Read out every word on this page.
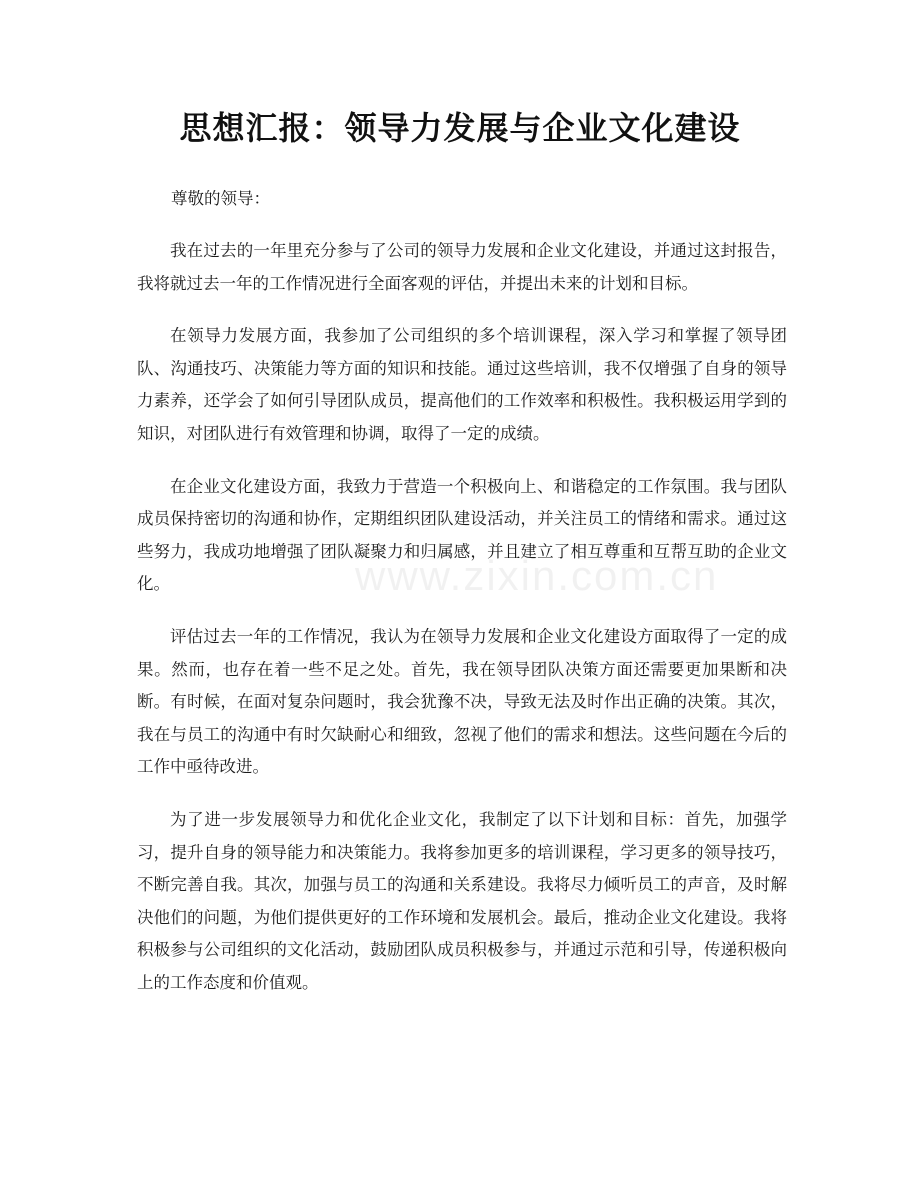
思想汇报：领导力发展与企业文化建设
www.zixin.com.cn

尊敬的领导：

我在过去的一年里充分参与了公司的领导力发展和企业文化建设，并通过这封报告，我将就过去一年的工作情况进行全面客观的评估，并提出未来的计划和目标。

在领导力发展方面，我参加了公司组织的多个培训课程，深入学习和掌握了领导团队、沟通技巧、决策能力等方面的知识和技能。通过这些培训，我不仅增强了自身的领导力素养，还学会了如何引导团队成员，提高他们的工作效率和积极性。我积极运用学到的知识，对团队进行有效管理和协调，取得了一定的成绩。

在企业文化建设方面，我致力于营造一个积极向上、和谐稳定的工作氛围。我与团队成员保持密切的沟通和协作，定期组织团队建设活动，并关注员工的情绪和需求。通过这些努力，我成功地增强了团队凝聚力和归属感，并且建立了相互尊重和互帮互助的企业文化。

评估过去一年的工作情况，我认为在领导力发展和企业文化建设方面取得了一定的成果。然而，也存在着一些不足之处。首先，我在领导团队决策方面还需要更加果断和决断。有时候，在面对复杂问题时，我会犹豫不决，导致无法及时作出正确的决策。其次，我在与员工的沟通中有时欠缺耐心和细致，忽视了他们的需求和想法。这些问题在今后的工作中亟待改进。

为了进一步发展领导力和优化企业文化，我制定了以下计划和目标：首先，加强学习，提升自身的领导能力和决策能力。我将参加更多的培训课程，学习更多的领导技巧，不断完善自我。其次，加强与员工的沟通和关系建设。我将尽力倾听员工的声音，及时解决他们的问题，为他们提供更好的工作环境和发展机会。最后，推动企业文化建设。我将积极参与公司组织的文化活动，鼓励团队成员积极参与，并通过示范和引导，传递积极向上的工作态度和价值观。
